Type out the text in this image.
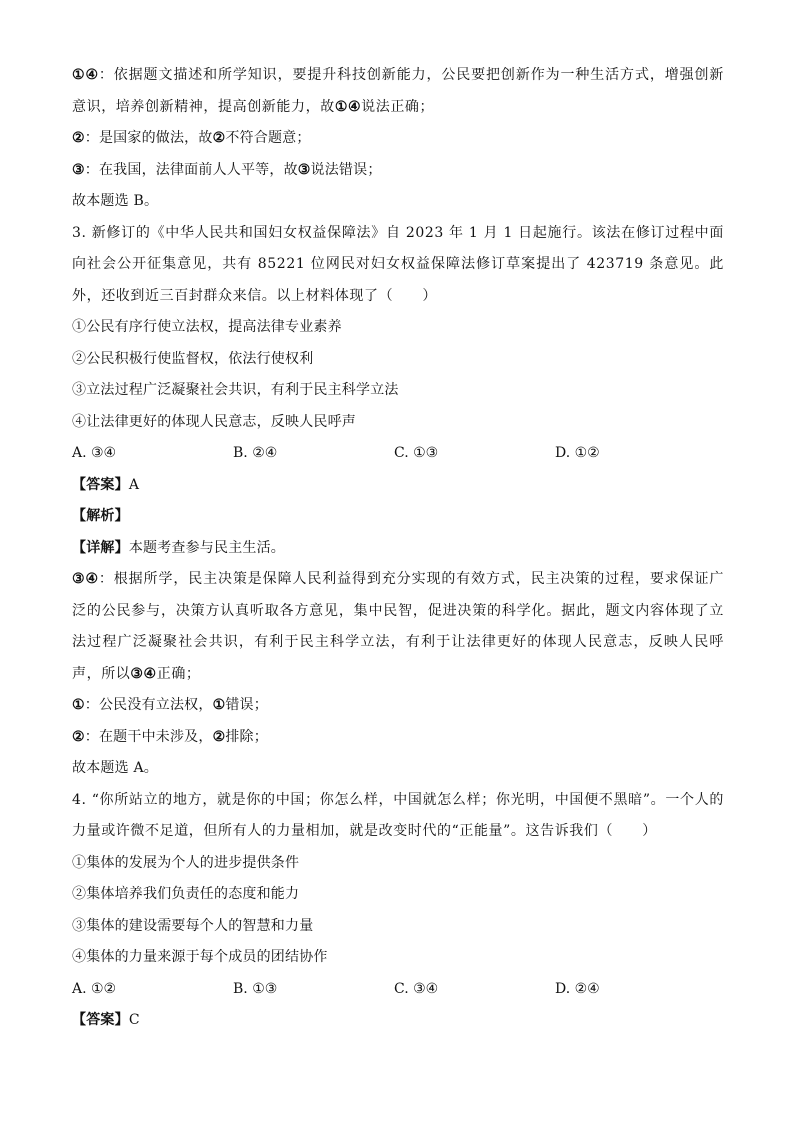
①④：依据题文描述和所学知识，要提升科技创新能力，公民要把创新作为一种生活方式，增强创新意识，培养创新精神，提高创新能力，故①④说法正确；
②：是国家的做法，故②不符合题意；
③：在我国，法律面前人人平等，故③说法错误；
故本题选 B。
3. 新修订的《中华人民共和国妇女权益保障法》自 2023 年 1 月 1 日起施行。该法在修订过程中面向社会公开征集意见，共有 85221 位网民对妇女权益保障法修订草案提出了 423719 条意见。此外，还收到近三百封群众来信。以上材料体现了（　　）
①公民有序行使立法权，提高法律专业素养
②公民积极行使监督权，依法行使权利
③立法过程广泛凝聚社会共识，有利于民主科学立法
④让法律更好的体现人民意志，反映人民呼声
A. ③④	B. ②④	C. ①③	D. ①②
【答案】A
【解析】
【详解】本题考查参与民主生活。
③④：根据所学，民主决策是保障人民利益得到充分实现的有效方式，民主决策的过程，要求保证广泛的公民参与，决策方认真听取各方意见，集中民智，促进决策的科学化。据此，题文内容体现了立法过程广泛凝聚社会共识，有利于民主科学立法，有利于让法律更好的体现人民意志，反映人民呼声，所以③④正确；
①：公民没有立法权，①错误；
②：在题干中未涉及，②排除；
故本题选 A。
4. “你所站立的地方，就是你的中国；你怎么样，中国就怎么样；你光明，中国便不黑暗”。一个人的力量或许微不足道，但所有人的力量相加，就是改变时代的“正能量”。这告诉我们（　　）
①集体的发展为个人的进步提供条件
②集体培养我们负责任的态度和能力
③集体的建设需要每个人的智慧和力量
④集体的力量来源于每个成员的团结协作
A. ①②	B. ①③	C. ③④	D. ②④
【答案】C
